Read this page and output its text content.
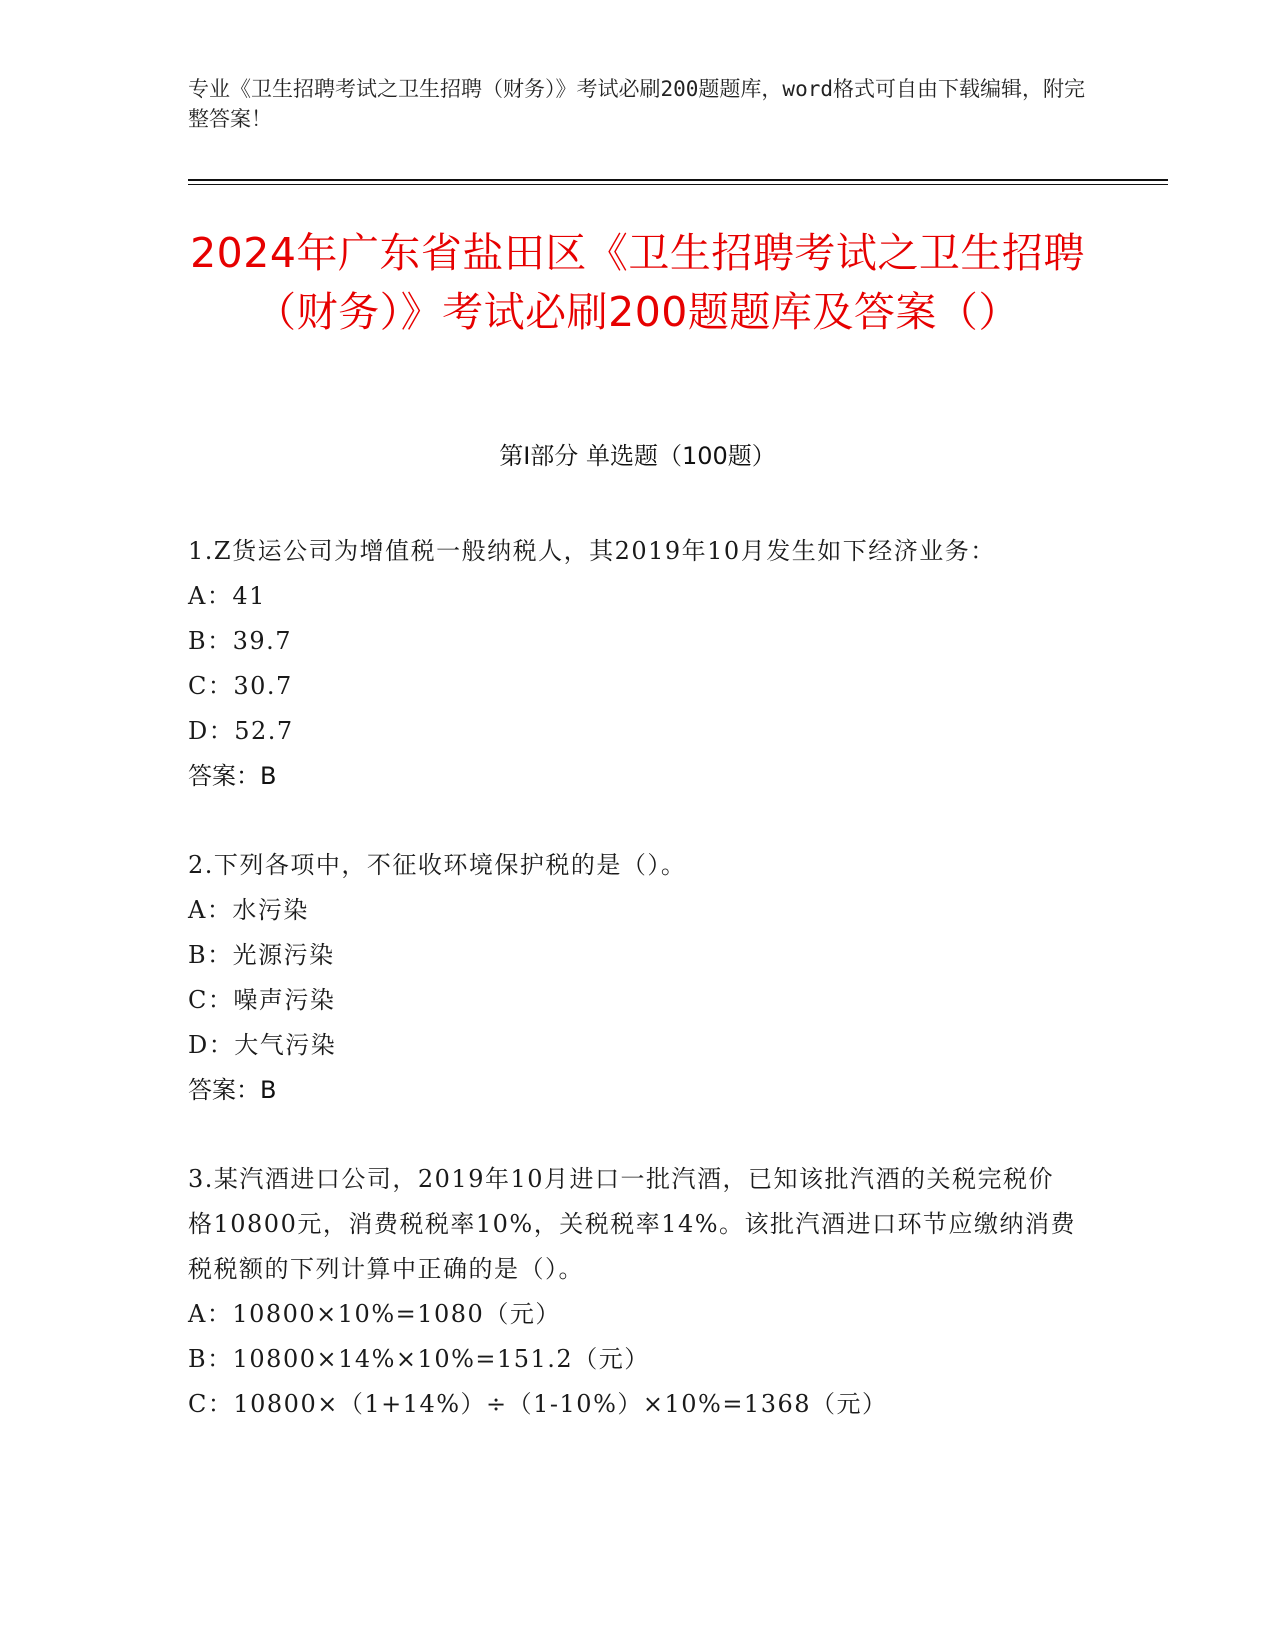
专业《卫生招聘考试之卫生招聘（财务）》考试必刷200题题库，word格式可自由下载编辑，附完整答案！
2024年广东省盐田区《卫生招聘考试之卫生招聘（财务）》考试必刷200题题库及答案（）
第I部分 单选题（100题）
1.Z货运公司为增值税一般纳税人，其2019年10月发生如下经济业务：
A：41
B：39.7
C：30.7
D：52.7
答案：B
2.下列各项中，不征收环境保护税的是（）。
A：水污染
B：光源污染
C：噪声污染
D：大气污染
答案：B
3.某汽酒进口公司，2019年10月进口一批汽酒，已知该批汽酒的关税完税价格10800元，消费税税率10%，关税税率14%。该批汽酒进口环节应缴纳消费税税额的下列计算中正确的是（）。
A：10800×10%=1080（元）
B：10800×14%×10%=151.2（元）
C：10800×（1+14%）÷（1-10%）×10%=1368（元）
